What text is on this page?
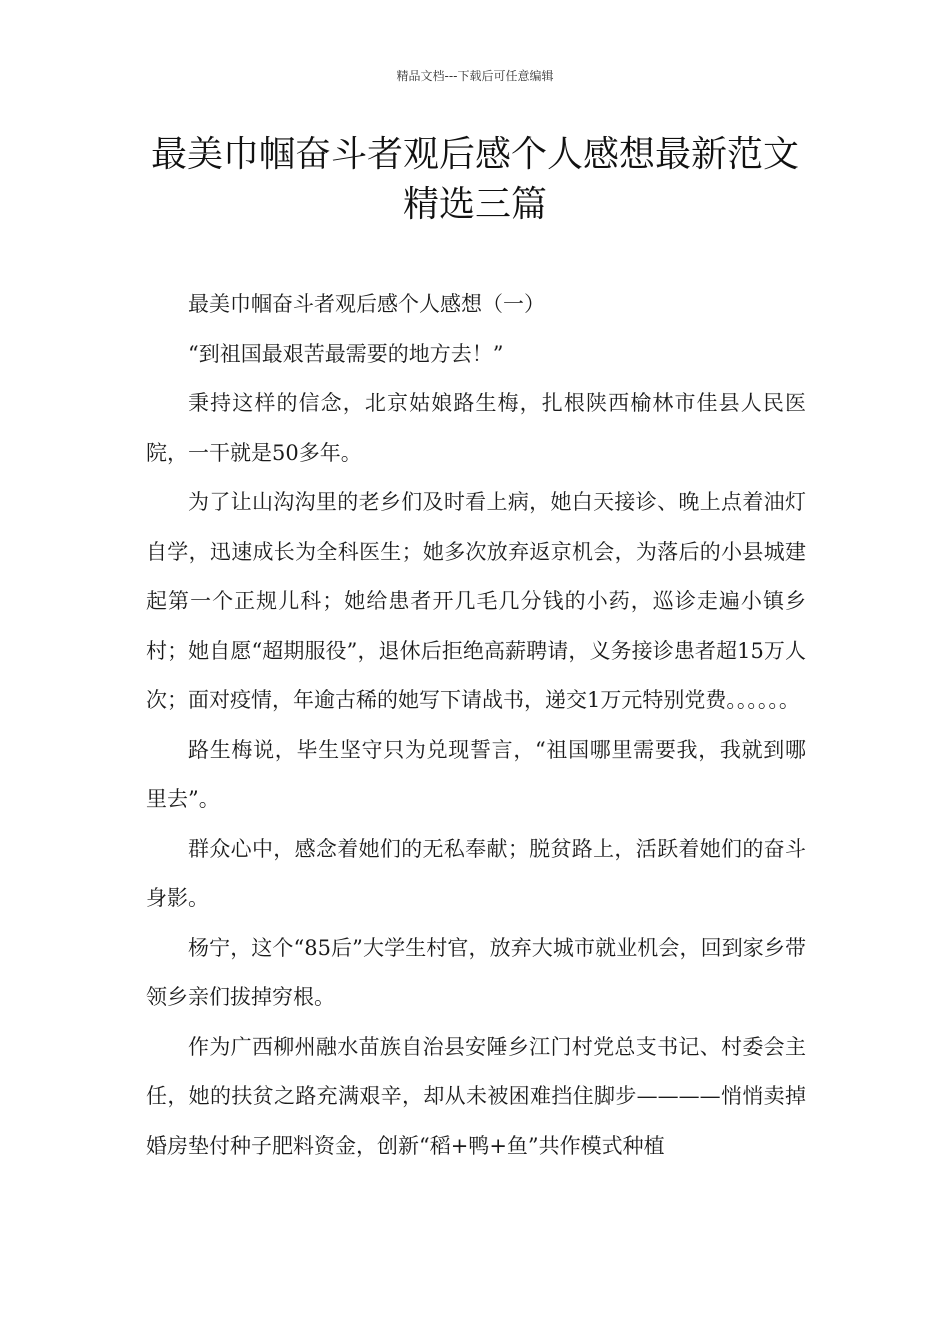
精品文档---下载后可任意编辑
最美巾帼奋斗者观后感个人感想最新范文精选三篇

最美巾帼奋斗者观后感个人感想（一）

“到祖国最艰苦最需要的地方去！”

秉持这样的信念，北京姑娘路生梅，扎根陕西榆林市佳县人民医院，一干就是50多年。

为了让山沟沟里的老乡们及时看上病，她白天接诊、晚上点着油灯自学，迅速成长为全科医生；她多次放弃返京机会，为落后的小县城建起第一个正规儿科；她给患者开几毛几分钱的小药，巡诊走遍小镇乡村；她自愿“超期服役”，退休后拒绝高薪聘请，义务接诊患者超15万人次；面对疫情，年逾古稀的她写下请战书，递交1万元特别党费。。。。。。

路生梅说，毕生坚守只为兑现誓言，“祖国哪里需要我，我就到哪里去”。

群众心中，感念着她们的无私奉献；脱贫路上，活跃着她们的奋斗身影。

杨宁，这个“85后”大学生村官，放弃大城市就业机会，回到家乡带领乡亲们拔掉穷根。

作为广西柳州融水苗族自治县安陲乡江门村党总支书记、村委会主任，她的扶贫之路充满艰辛，却从未被困难挡住脚步————悄悄卖掉婚房垫付种子肥料资金，创新“稻+鸭+鱼”共作模式种植
